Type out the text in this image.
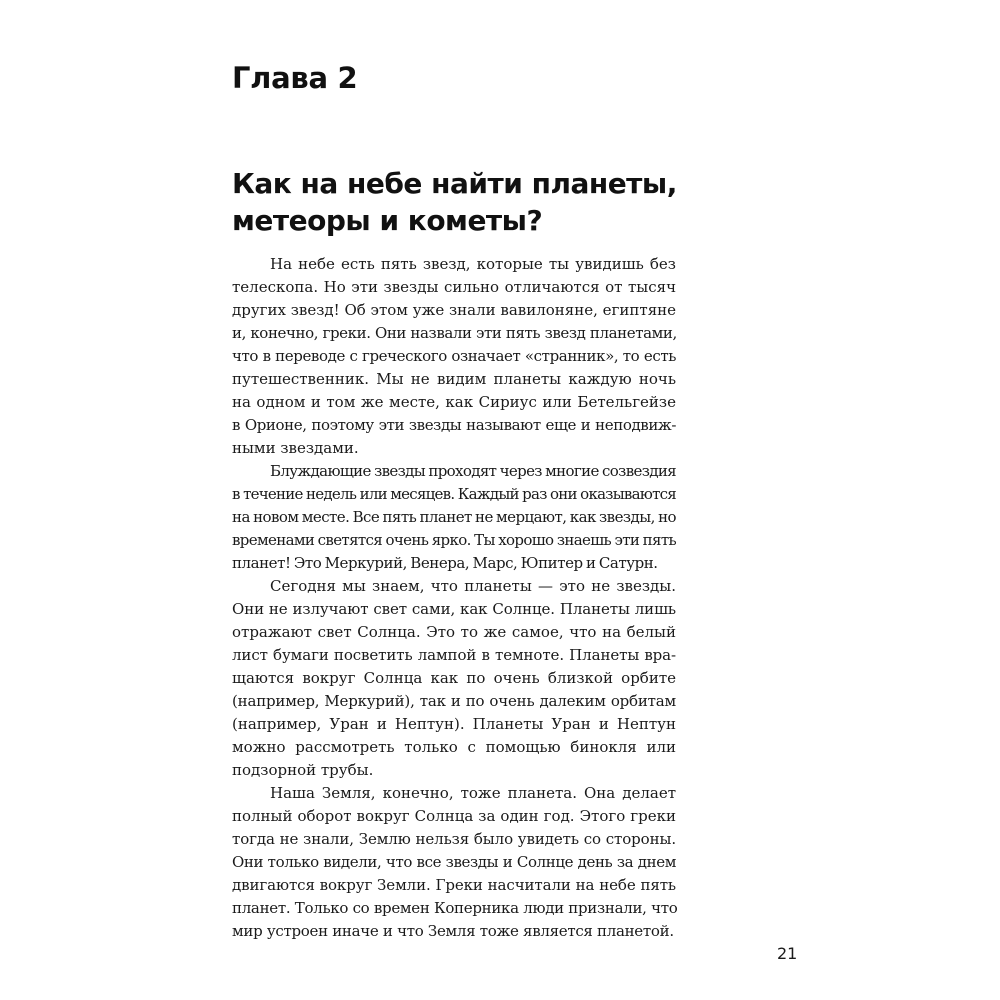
Глава 2
Как на небе найти планеты,
метеоры и кометы?
На небе есть пять звезд, которые ты увидишь без
телескопа. Но эти звезды сильно отличаются от тысяч
других звезд! Об этом уже знали вавилоняне, египтяне
и, конечно, греки. Они назвали эти пять звезд планетами,
что в переводе с греческого означает «странник», то есть
путешественник. Мы не видим планеты каждую ночь
на одном и том же месте, как Сириус или Бетельгейзе
в Орионе, поэтому эти звезды называют еще и неподвиж-
ными звездами.
Блуждающие звезды проходят через многие созвездия
в течение недель или месяцев. Каждый раз они оказываются
на новом месте. Все пять планет не мерцают, как звезды, но
временами светятся очень ярко. Ты хорошо знаешь эти пять
планет! Это Меркурий, Венера, Марс, Юпитер и Сатурн.
Сегодня мы знаем, что планеты — это не звезды.
Они не излучают свет сами, как Солнце. Планеты лишь
отражают свет Солнца. Это то же самое, что на белый
лист бумаги посветить лампой в темноте. Планеты вра-
щаются вокруг Солнца как по очень близкой орбите
(например, Меркурий), так и по очень далеким орбитам
(например, Уран и Нептун). Планеты Уран и Нептун
можно рассмотреть только с помощью бинокля или
подзорной трубы.
Наша Земля, конечно, тоже планета. Она делает
полный оборот вокруг Солнца за один год. Этого греки
тогда не знали, Землю нельзя было увидеть со стороны.
Они только видели, что все звезды и Солнце день за днем
двигаются вокруг Земли. Греки насчитали на небе пять
планет. Только со времен Коперника люди признали, что
мир устроен иначе и что Земля тоже является планетой.
21
